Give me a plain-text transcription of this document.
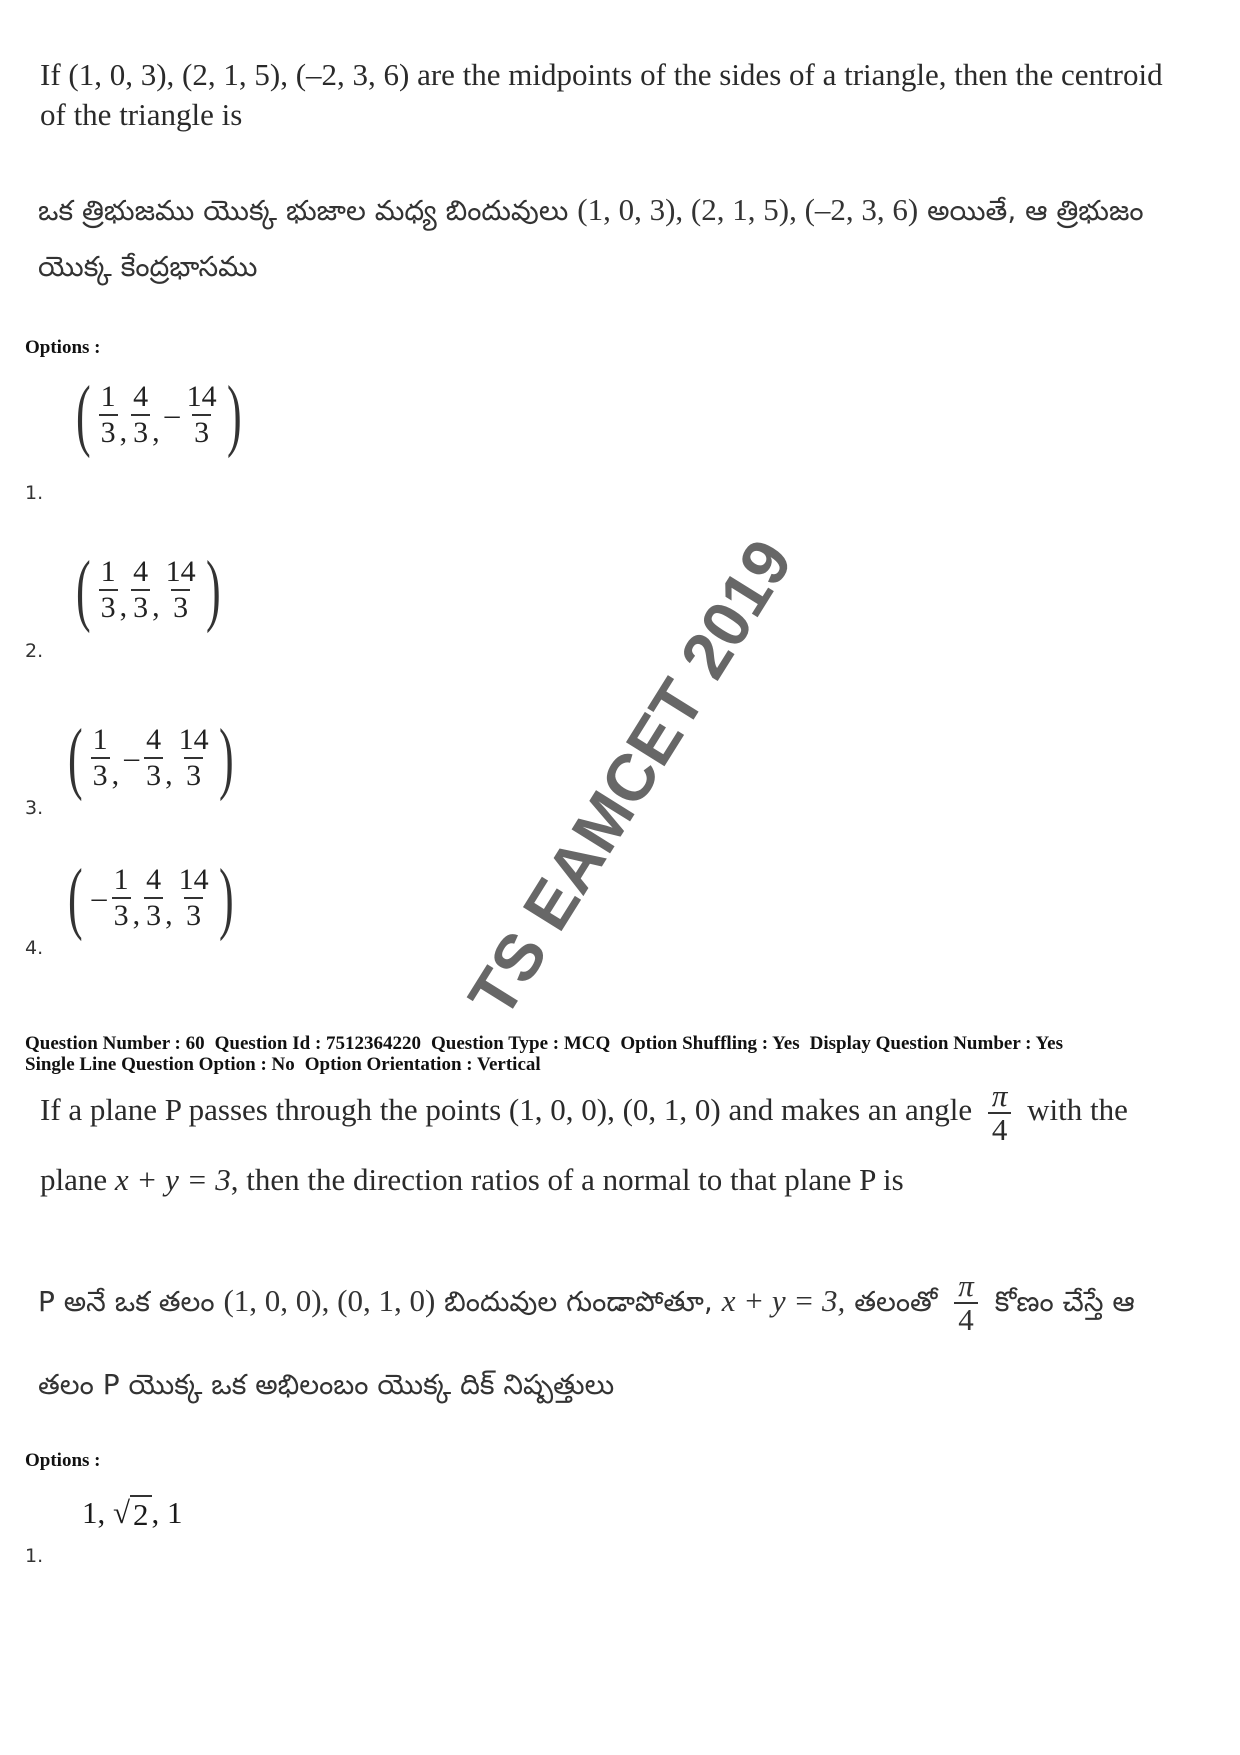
If (1, 0, 3), (2, 1, 5), (–2, 3, 6) are the midpoints of the sides of a triangle, then the centroid
of the triangle is
ఒక త్రిభుజము యొక్క భుజాల మధ్య బిందువులు (1, 0, 3), (2, 1, 5), (–2, 3, 6) అయితే, ఆ త్రిభుజం
యొక్క కేంద్రభాసము
Options :
( $\frac{1}{3}$ , $\frac{4}{3}$ ,
– $\frac{14}{3}$ )
1.
( $\frac{1}{3}$ , $\frac{4}{3}$ , $\frac{14}{3}$ )
2.
( $\frac{1}{3}$ ,
– $\frac{4}{3}$ , $\frac{14}{3}$ )
3.
( – $\frac{1}{3}$ , $\frac{4}{3}$ , $\frac{14}{3}$ )
4.
Question Number : 60 Question Id : 7512364220 Question Type : MCQ Option Shuffling : Yes Display Question Number : Yes
Single Line Question Option : No Option Orientation : Vertical
If a plane P passes through the points (1, 0, 0), (0, 1, 0) and makes an angle $\frac{\pi}{4}$ with the
plane x + y = 3, then the direction ratios of a normal to that plane P is
P అనే ఒక తలం (1, 0, 0), (0, 1, 0) బిందువుల గుండాపోతూ, x + y = 3, తలంతో $\frac{\pi}{4}$ కోణం చేస్తే ఆ
తలం P యొక్క ఒక అభిలంబం యొక్క దిక్ నిష్పత్తులు
Options :
1, √ 2 , 1
1.
TS EAMCET 2019
